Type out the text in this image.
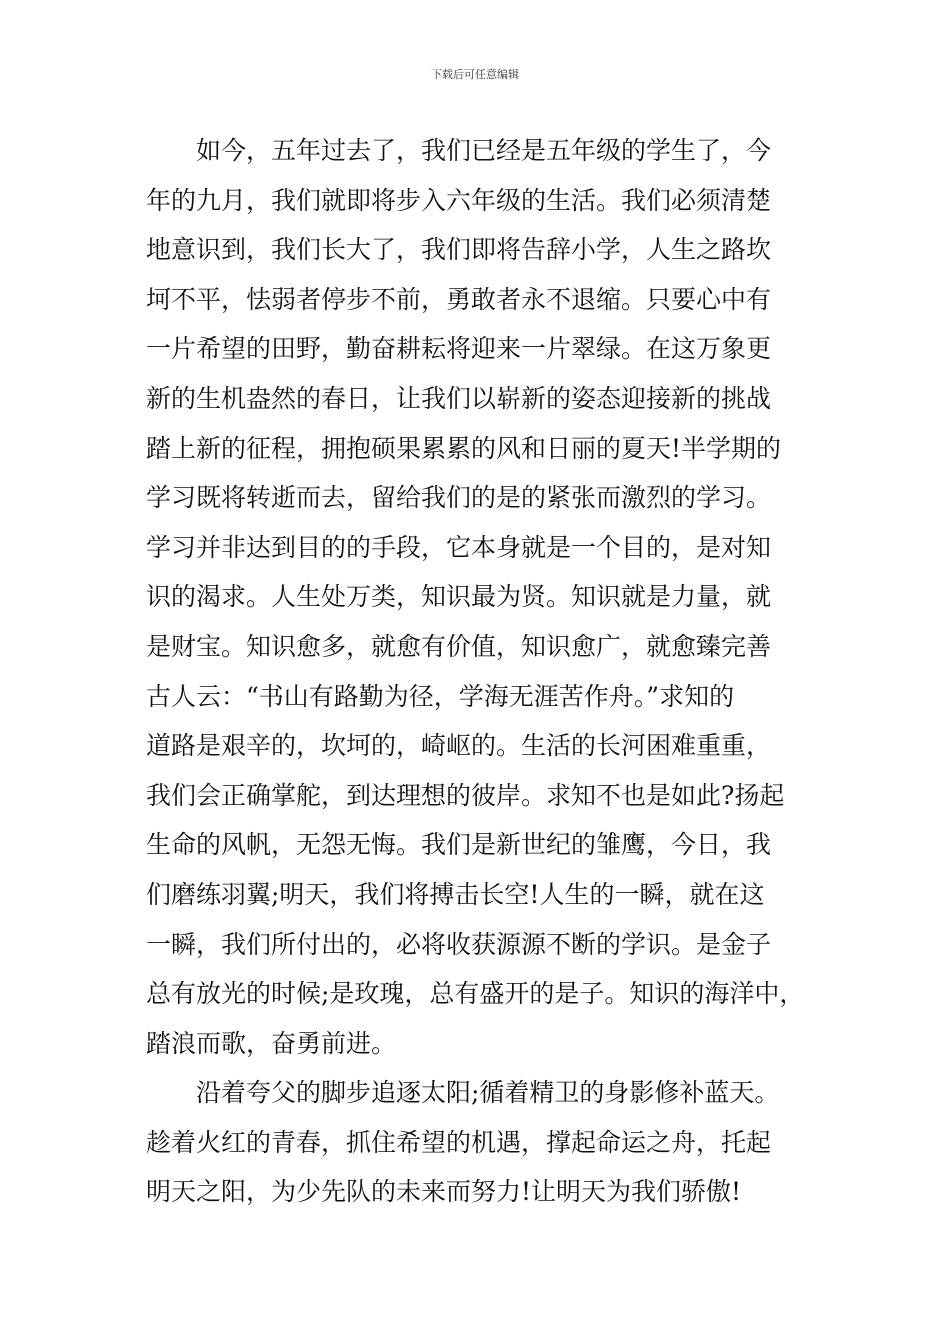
下载后可任意编辑
如今，五年过去了，我们已经是五年级的学生了，今
年的九月，我们就即将步入六年级的生活。我们必须清楚
地意识到，我们长大了，我们即将告辞小学，人生之路坎
坷不平，怯弱者停步不前，勇敢者永不退缩。只要心中有
一片希望的田野，勤奋耕耘将迎来一片翠绿。在这万象更
新的生机盎然的春日，让我们以崭新的姿态迎接新的挑战
踏上新的征程，拥抱硕果累累的风和日丽的夏天!半学期的
学习既将转逝而去，留给我们的是的紧张而激烈的学习。
学习并非达到目的的手段，它本身就是一个目的，是对知
识的渴求。人生处万类，知识最为贤。知识就是力量，就
是财宝。知识愈多，就愈有价值，知识愈广，就愈臻完善
古人云：“书山有路勤为径，学海无涯苦作舟。”求知的
道路是艰辛的，坎坷的，崎岖的。生活的长河困难重重，
我们会正确掌舵，到达理想的彼岸。求知不也是如此?扬起
生命的风帆，无怨无悔。我们是新世纪的雏鹰，今日，我
们磨练羽翼;明天，我们将搏击长空!人生的一瞬，就在这
一瞬，我们所付出的，必将收获源源不断的学识。是金子
总有放光的时候;是玫瑰，总有盛开的是子。知识的海洋中，
踏浪而歌，奋勇前进。
沿着夸父的脚步追逐太阳;循着精卫的身影修补蓝天。
趁着火红的青春，抓住希望的机遇，撑起命运之舟，托起
明天之阳，为少先队的未来而努力!让明天为我们骄傲!
